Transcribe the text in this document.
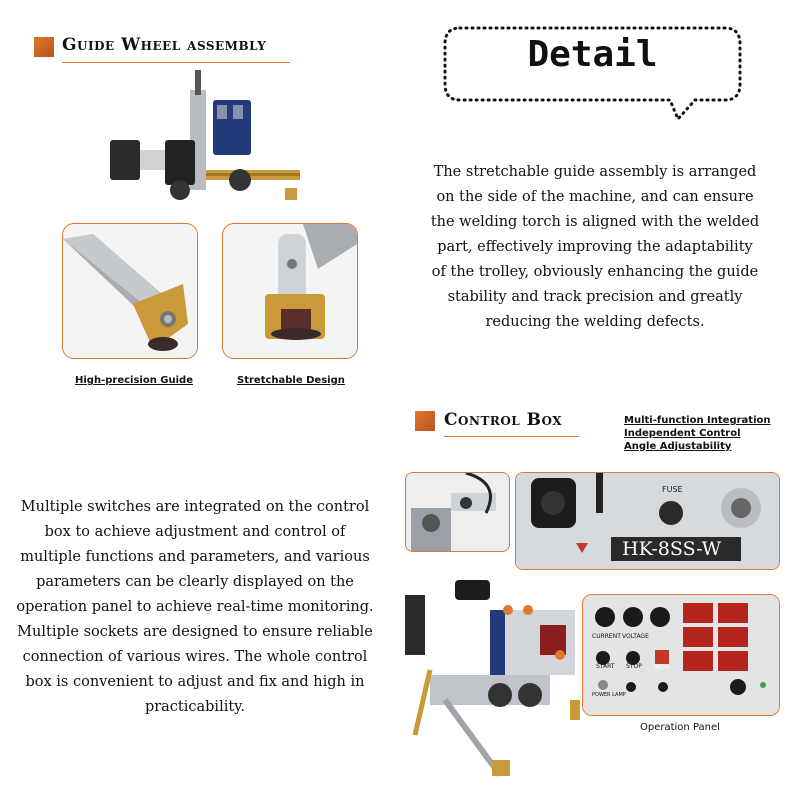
Guide Wheel assembly
High-precision Guide	Stretchable Design
Detail
The stretchable guide assembly is arranged
on the side of the machine, and can ensure
the welding torch is aligned with the welded
part, effectively improving the adaptability
of the trolley, obviously enhancing the guide
stability and track precision and greatly
reducing the welding defects.
Control Box	Multi-function Integration
Independent Control
Angle Adjustability
Multiple switches are integrated on the control
box to achieve adjustment and control of
multiple functions and parameters, and various
parameters can be clearly displayed on the
operation panel to achieve real-time monitoring.
Multiple sockets are designed to ensure reliable
connection of various wires. The whole control
box is convenient to adjust and fix and high in
practicability.
FUSE
HK-8SS-W
CURRENT VOLTAGE
START STOP INCH
POWER LAMP
Operation Panel
